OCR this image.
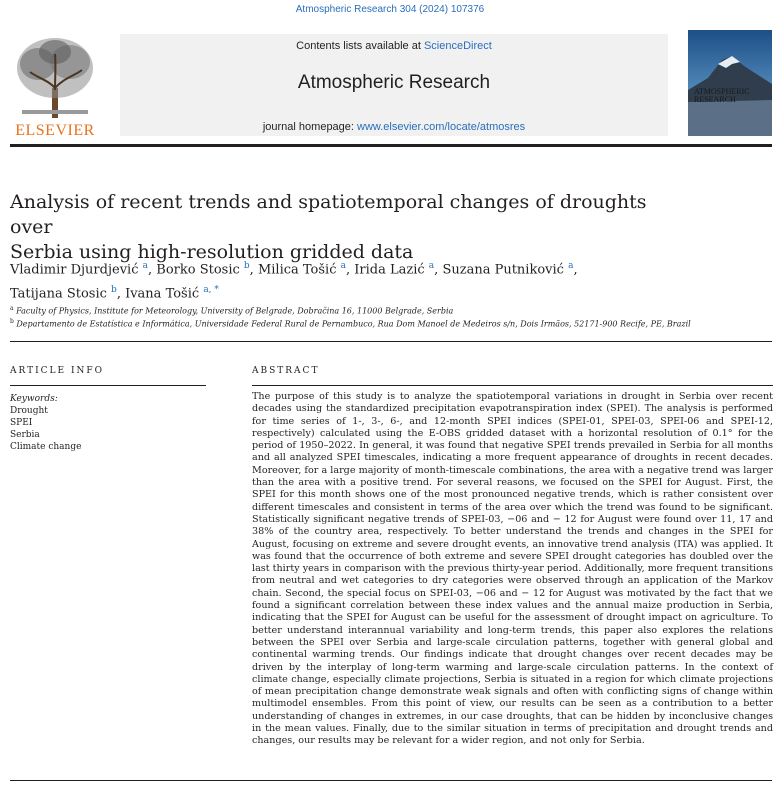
Atmospheric Research 304 (2024) 107376
ELSEVIER
Contents lists available at ScienceDirect
Atmospheric Research
journal homepage: www.elsevier.com/locate/atmosres
ATMOSPHERIC
RESEARCH
Analysis of recent trends and spatiotemporal changes of droughts over
Serbia using high-resolution gridded data
Vladimir Djurdjević $^a$, Borko Stosic $^b$, Milica Tošić $^a$, Irida Lazić $^a$, Suzana Putniković $^a$,
Tatijana Stosic $^b$, Ivana Tošić $^{a, *}$
$^a$ Faculty of Physics, Institute for Meteorology, University of Belgrade, Dobračina 16, 11000 Belgrade, Serbia
$^b$ Departamento de Estatística e Informática, Universidade Federal Rural de Pernambuco, Rua Dom Manoel de Medeiros s/n, Dois Irmãos, 52171-900 Recife, PE, Brazil
ARTICLE INFO
Keywords:
Drought
SPEI
Serbia
Climate change
ABSTRACT
The purpose of this study is to analyze the spatiotemporal variations in drought in Serbia over recent decades using the standardized precipitation evapotranspiration index (SPEI). The analysis is performed for time series of 1-, 3-, 6-, and 12-month SPEI indices (SPEI-01, SPEI-03, SPEI-06 and SPEI-12, respectively) calculated using the E-OBS gridded dataset with a horizontal resolution of 0.1° for the period of 1950–2022. In general, it was found that negative SPEI trends prevailed in Serbia for all months and all analyzed SPEI timescales, indicating a more frequent appearance of droughts in recent decades. Moreover, for a large majority of month-timescale combinations, the area with a negative trend was larger than the area with a positive trend. For several reasons, we focused on the SPEI for August. First, the SPEI for this month shows one of the most pronounced negative trends, which is rather consistent over different timescales and consistent in terms of the area over which the trend was found to be significant. Statistically significant negative trends of SPEI-03, −06 and − 12 for August were found over 11, 17 and 38% of the country area, respectively. To better understand the trends and changes in the SPEI for August, focusing on extreme and severe drought events, an innovative trend analysis (ITA) was applied. It was found that the occurrence of both extreme and severe SPEI drought categories has doubled over the last thirty years in comparison with the previous thirty-year period. Additionally, more frequent transitions from neutral and wet categories to dry categories were observed through an application of the Markov chain. Second, the special focus on SPEI-03, −06 and − 12 for August was motivated by the fact that we found a significant correlation between these index values and the annual maize production in Serbia, indicating that the SPEI for August can be useful for the assessment of drought impact on agriculture. To better understand interannual variability and long-term trends, this paper also explores the relations between the SPEI over Serbia and large-scale circulation patterns, together with general global and continental warming trends. Our findings indicate that drought changes over recent decades may be driven by the interplay of long-term warming and large-scale circulation patterns. In the context of climate change, especially climate projections, Serbia is situated in a region for which climate projections of mean precipitation change demonstrate weak signals and often with conflicting signs of change within multimodel ensembles. From this point of view, our results can be seen as a contribution to a better understanding of changes in extremes, in our case droughts, that can be hidden by inconclusive changes in the mean values. Finally, due to the similar situation in terms of precipitation and drought trends and changes, our results may be relevant for a wider region, and not only for Serbia.
